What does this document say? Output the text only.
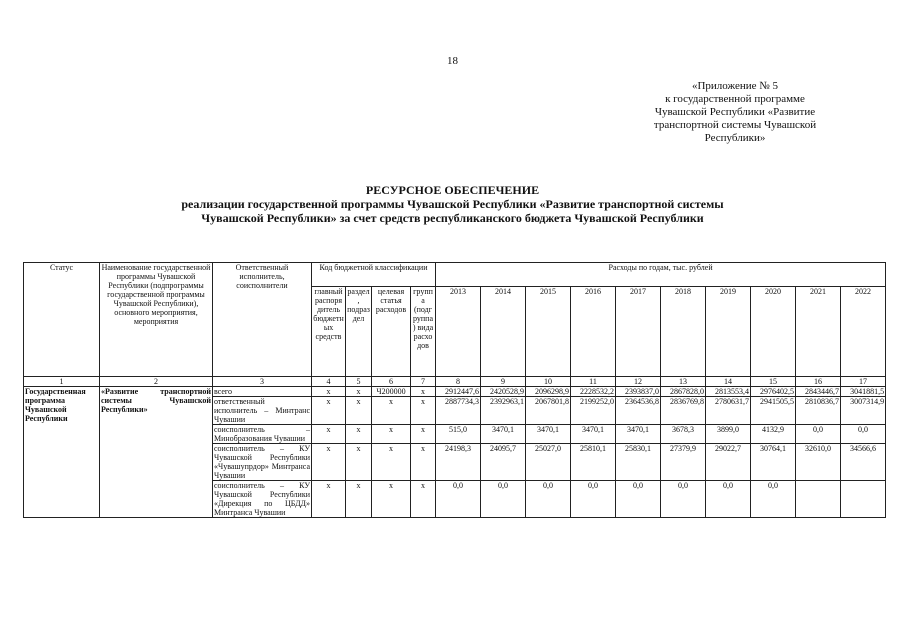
18
«Приложение № 5
к государственной программе
Чувашской Республики «Развитие
транспортной системы Чувашской
Республики»
РЕСУРСНОЕ ОБЕСПЕЧЕНИЕ
реализации государственной программы Чувашской Республики «Развитие транспортной системы
Чувашской Республики» за счет средств республиканского бюджета Чувашской Республики
Статус	Наименование государственной программы Чувашской Республики (подпрограммы государственной программы Чувашской Республики), основного мероприятия, мероприятия	Ответственный исполнитель, соисполнители	Код бюджетной классификации				Расходы по годам, тыс. рублей									
			главный распорядитель бюджетных средств	раздел, подраздел	целевая статья расходов	группа (подгруппа) вида расходов	2013	2014	2015	2016	2017	2018	2019	2020	2021	2022
1	2	3	4	5	6	7	8	9	10	11	12	13	14	15	16	17
Государственная программа Чувашской Республики	«Развитие транспортной системы Чувашской Республики»	всего	x	x	Ч200000	x	2912447,6	2420528,9	2096298,9	2228532,2	2393837,0	2867828,0	2813553,4	2976402,5	2843446,7	3041881,5
		ответственный исполнитель – Минтранс Чувашии	x	x	x	x	2887734,3	2392963,1	2067801,8	2199252,0	2364536,8	2836769,8	2780631,7	2941505,5	2810836,7	3007314,9
		соисполнитель – Минобразования Чувашии	x	x	x	x	515,0	3470,1	3470,1	3470,1	3470,1	3678,3	3899,0	4132,9	0,0	0,0
		соисполнитель – КУ Чувашской Республики «Чувашупрдор» Минтранса Чувашии	x	x	x	x	24198,3	24095,7	25027,0	25810,1	25830,1	27379,9	29022,7	30764,1	32610,0	34566,6
		соисполнитель – КУ Чувашской Республики «Дирекция по ЦБДД» Минтранса Чувашии	x	x	x	x	0,0	0,0	0,0	0,0	0,0	0,0	0,0	0,0		
